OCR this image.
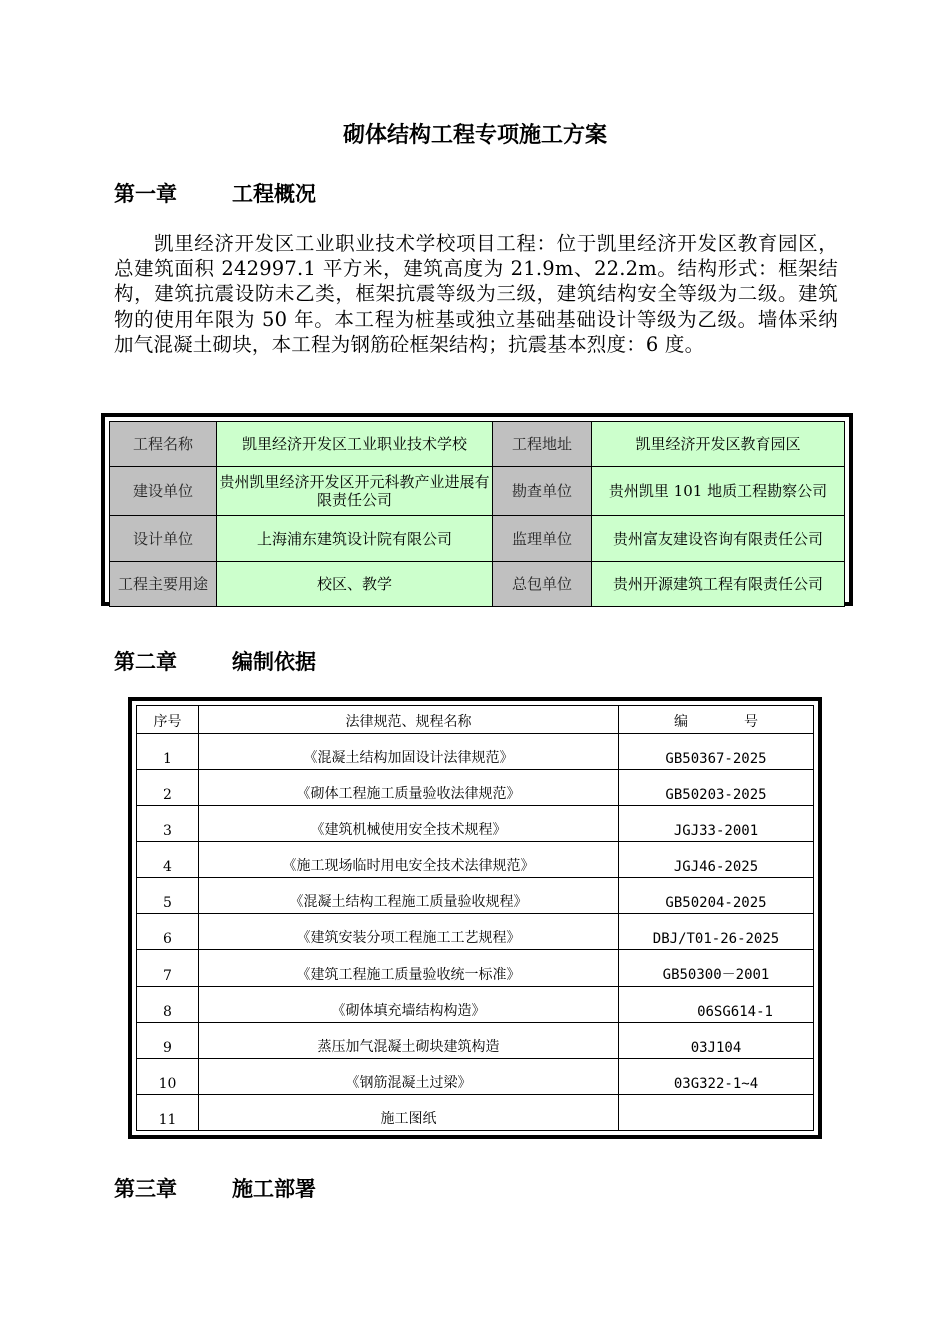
砌体结构工程专项施工方案
第一章	工程概况
凯里经济开发区工业职业技术学校项目工程：位于凯里经济开发区教育园区，总建筑面积 242997.1 平方米，建筑高度为 21.9m、22.2m。结构形式：框架结构，建筑抗震设防未乙类，框架抗震等级为三级，建筑结构安全等级为二级。建筑物的使用年限为 50 年。本工程为桩基或独立基础基础设计等级为乙级。墙体采纳加气混凝土砌块，本工程为钢筋砼框架结构；抗震基本烈度：6 度。
工程名称	凯里经济开发区工业职业技术学校	工程地址	凯里经济开发区教育园区
建设单位	贵州凯里经济开发区开元科教产业进展有限责任公司	勘查单位	贵州凯里 101 地质工程勘察公司
设计单位	上海浦东建筑设计院有限公司	监理单位	贵州富友建设咨询有限责任公司
工程主要用途	校区、教学	总包单位	贵州开源建筑工程有限责任公司
第二章	编制依据
序号	法律规范、规程名称	编　　　　号
1	《混凝土结构加固设计法律规范》	GB50367-2025
2	《砌体工程施工质量验收法律规范》	GB50203-2025
3	《建筑机械使用安全技术规程》	JGJ33-2001
4	《施工现场临时用电安全技术法律规范》	JGJ46-2025
5	《混凝土结构工程施工质量验收规程》	GB50204-2025
6	《建筑安装分项工程施工工艺规程》	DBJ/T01-26-2025
7	《建筑工程施工质量验收统一标准》	GB50300－2001
8	《砌体填充墙结构构造》	06SG614-1
9	蒸压加气混凝土砌块建筑构造	03J104
10	《钢筋混凝土过梁》	03G322-1~4
11	施工图纸	
第三章	施工部署
